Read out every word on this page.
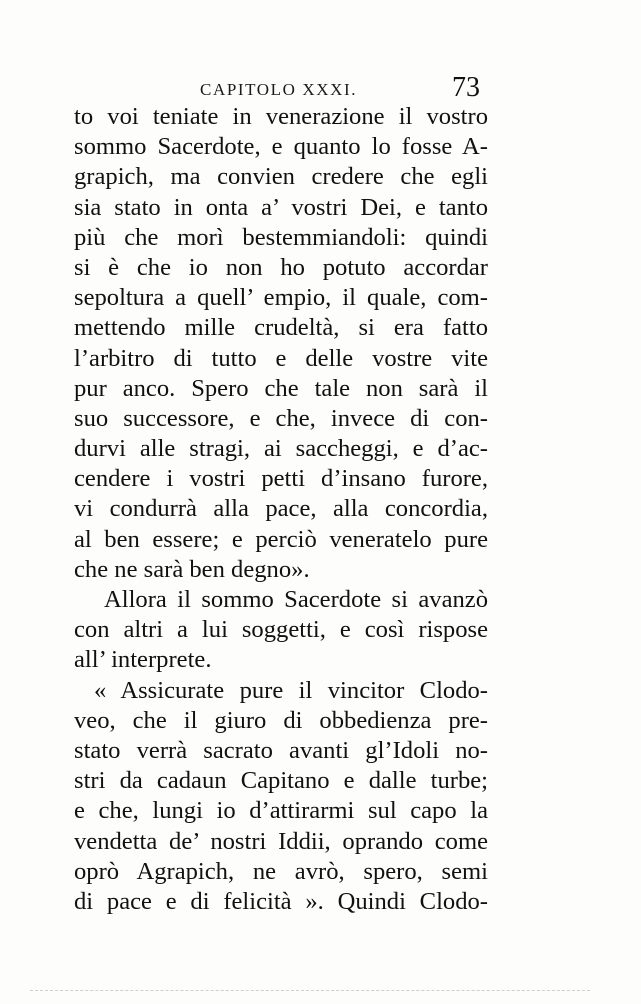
CAPITOLO XXXI.	73
to voi teniate in venerazione il vostro
sommo Sacerdote, e quanto lo fosse A-
grapich, ma convien credere che egli
sia stato in onta a’ vostri Dei, e tanto
più che morì bestemmiandoli: quindi
si è che io non ho potuto accordar
sepoltura a quell’ empio, il quale, com-
mettendo mille crudeltà, si era fatto
l’arbitro di tutto e delle vostre vite
pur anco. Spero che tale non sarà il
suo successore, e che, invece di con-
durvi alle stragi, ai saccheggi, e d’ac-
cendere i vostri petti d’insano furore,
vi condurrà alla pace, alla concordia,
al ben essere; e perciò veneratelo pure
che ne sarà ben degno».
Allora il sommo Sacerdote si avanzò
con altri a lui soggetti, e così rispose
all’ interprete.
« Assicurate pure il vincitor Clodo-
veo, che il giuro di obbedienza pre-
stato verrà sacrato avanti gl’Idoli no-
stri da cadaun Capitano e dalle turbe;
e che, lungi io d’attirarmi sul capo la
vendetta de’ nostri Iddii, oprando come
oprò Agrapich, ne avrò, spero, semi
di pace e di felicità ». Quindi Clodo-
